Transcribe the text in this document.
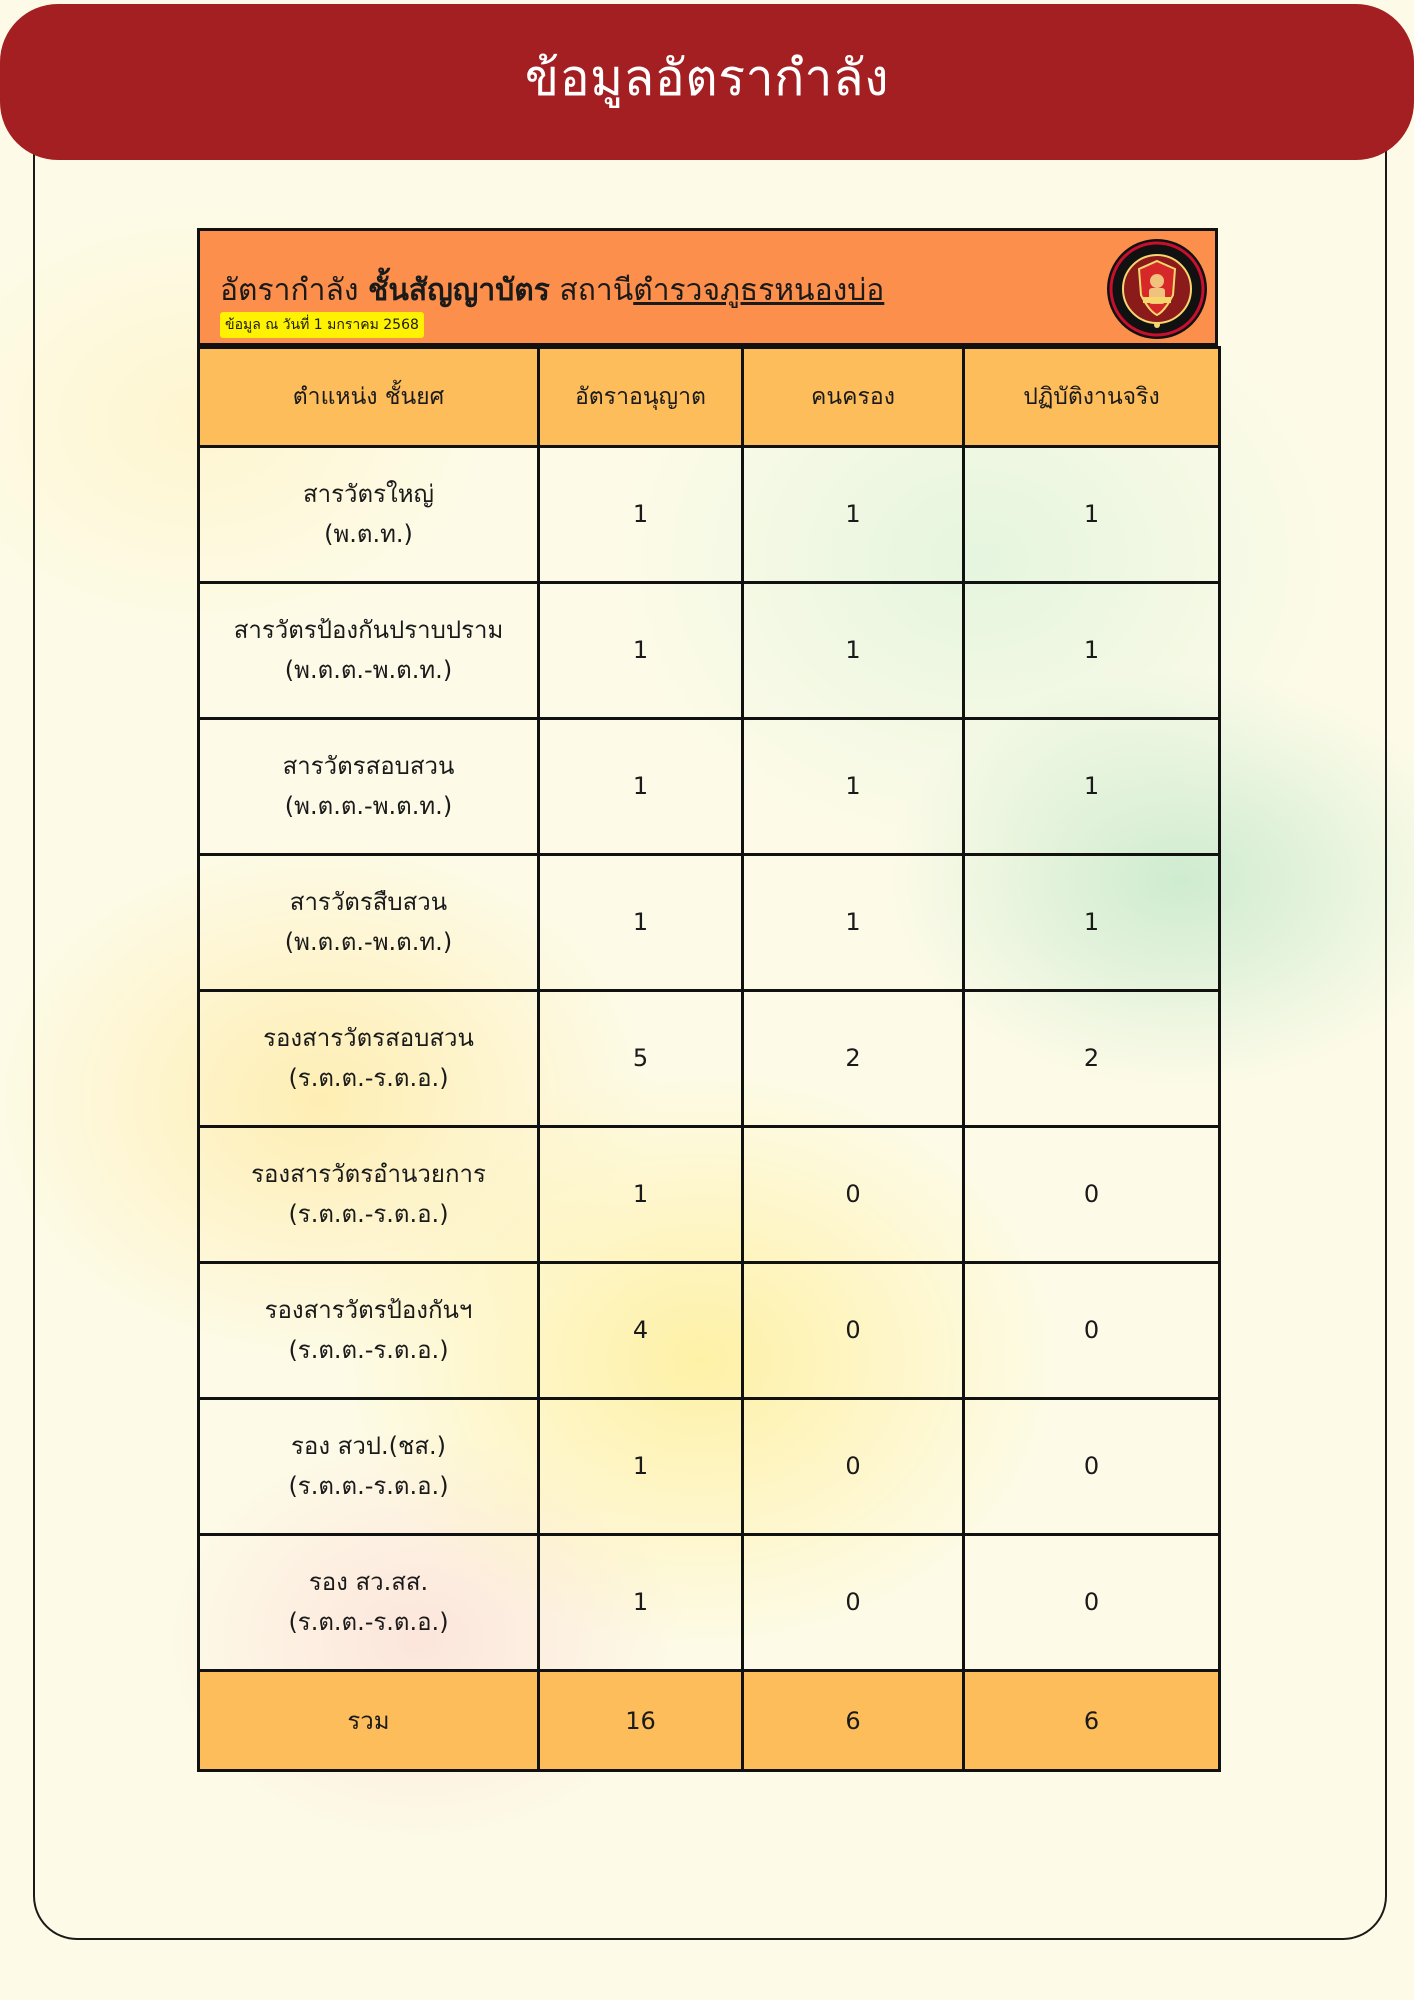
ข้อมูลอัตรากำลัง
อัตรากำลัง ชั้นสัญญาบัตร สถานีตำรวจภูธรหนองบ่อ
ข้อมูล ณ วันที่ 1 มกราคม 2568
ตำแหน่ง ชั้นยศ	อัตราอนุญาต	คนครอง	ปฏิบัติงานจริง

สารวัตรใหญ่
(พ.ต.ท.)	1	1	1

สารวัตรป้องกันปราบปราม
(พ.ต.ต.-พ.ต.ท.)	1	1	1

สารวัตรสอบสวน
(พ.ต.ต.-พ.ต.ท.)	1	1	1

สารวัตรสืบสวน
(พ.ต.ต.-พ.ต.ท.)	1	1	1

รองสารวัตรสอบสวน
(ร.ต.ต.-ร.ต.อ.)	5	2	2

รองสารวัตรอำนวยการ
(ร.ต.ต.-ร.ต.อ.)	1	0	0

รองสารวัตรป้องกันฯ
(ร.ต.ต.-ร.ต.อ.)	4	0	0

รอง สวป.(ชส.)
(ร.ต.ต.-ร.ต.อ.)	1	0	0

รอง สว.สส.
(ร.ต.ต.-ร.ต.อ.)	1	0	0
รวม	16	6	6
